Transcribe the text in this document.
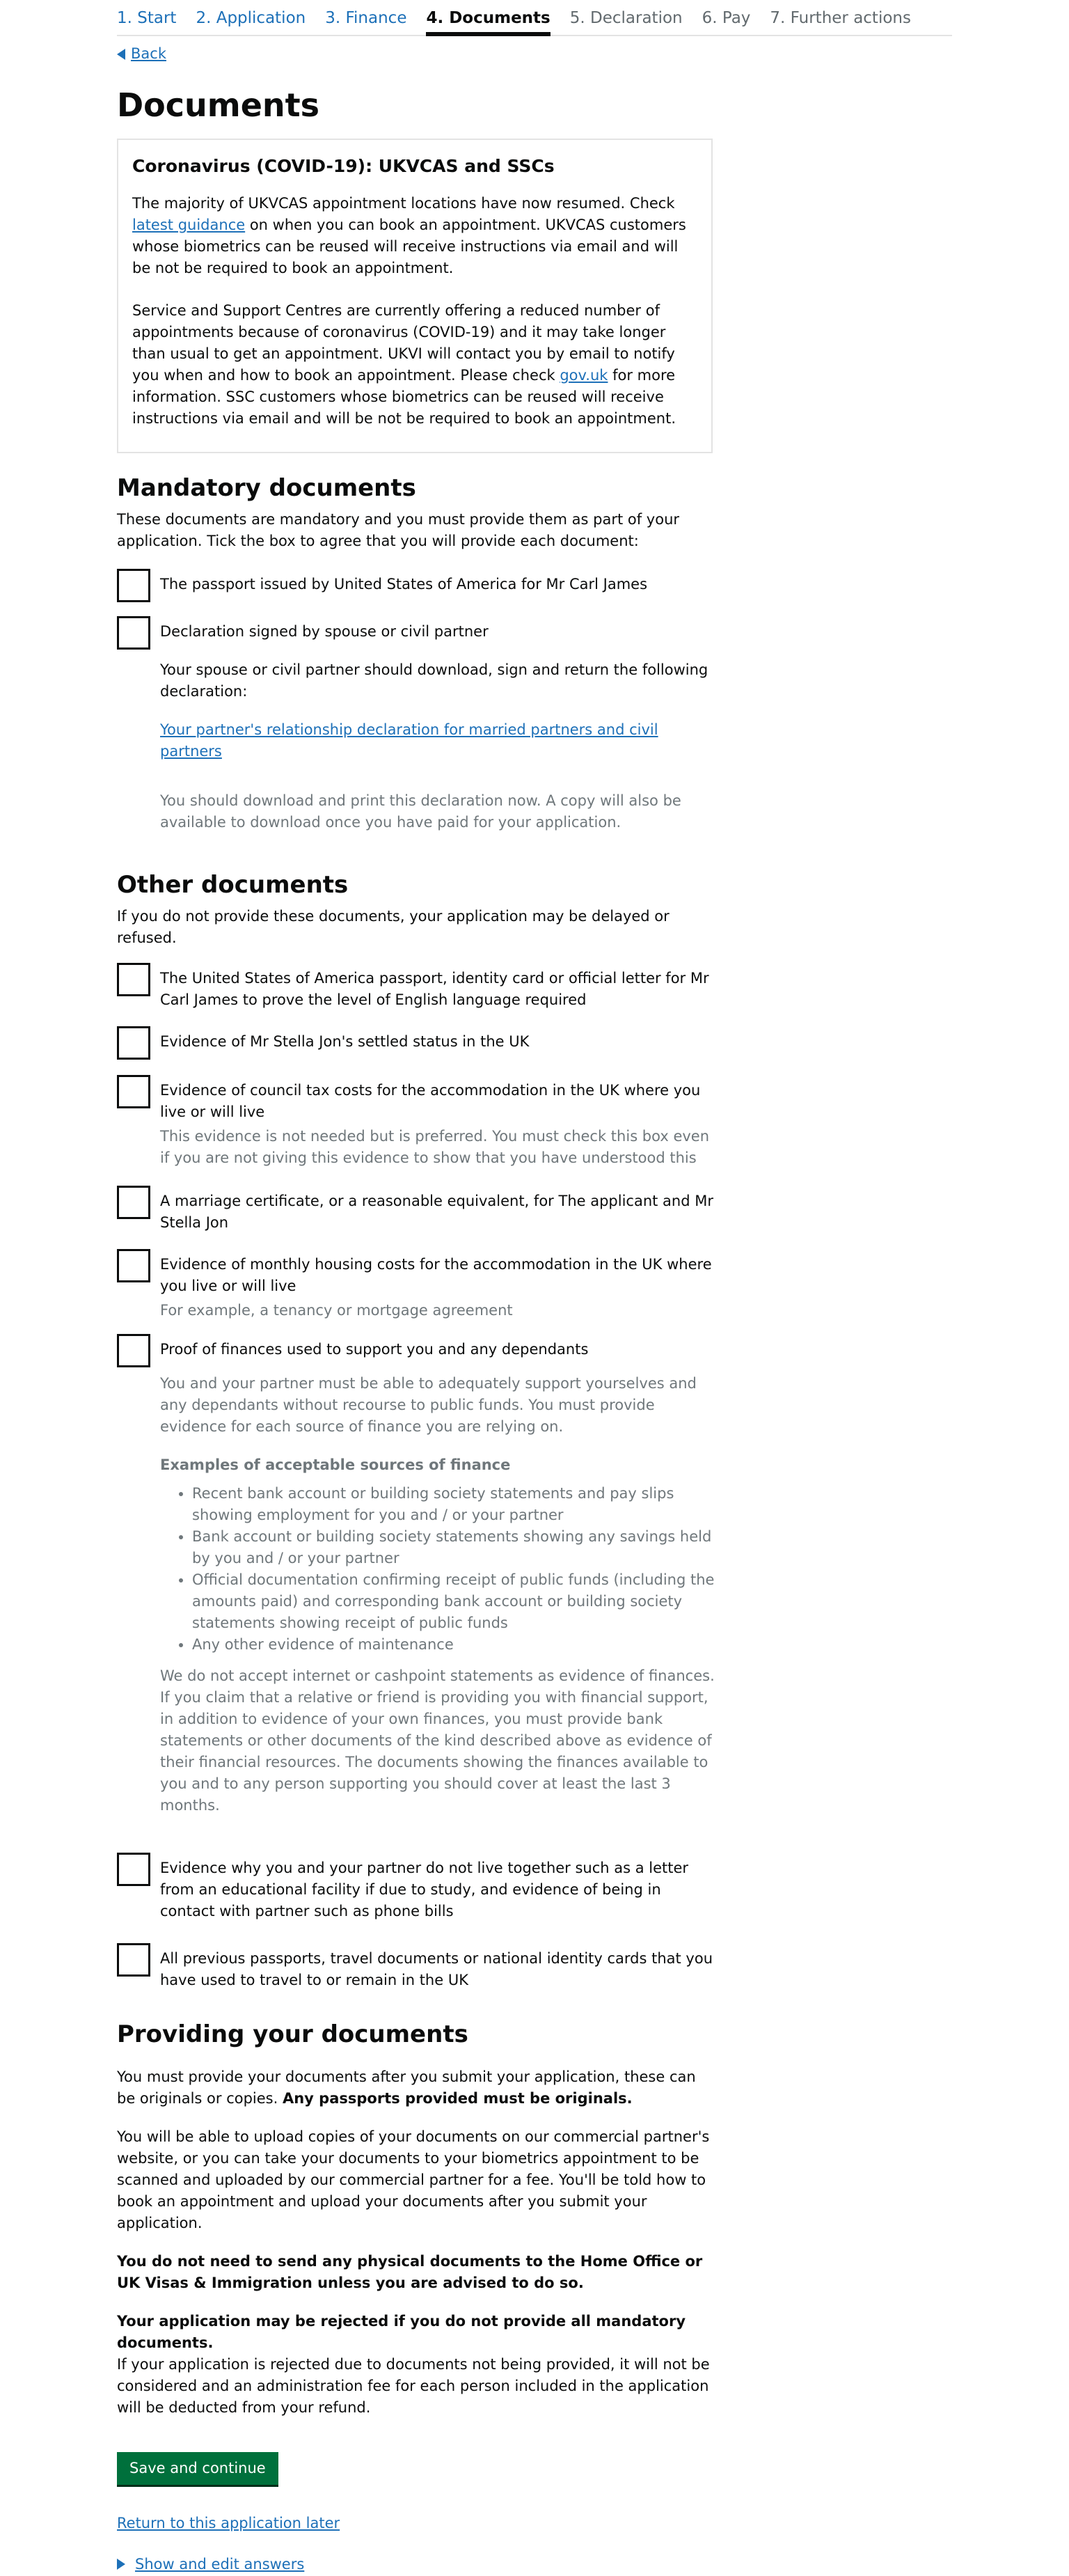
1. Start 2. Application 3. Finance 4. Documents 5. Declaration 6. Pay 7. Further actions
Back
Documents
Coronavirus (COVID-19): UKVCAS and SSCs

The majority of UKVCAS appointment locations have now resumed. Check latest guidance on when you can book an appointment. UKVCAS customers whose biometrics can be reused will receive instructions via email and will be not be required to book an appointment.

Service and Support Centres are currently offering a reduced number of appointments because of coronavirus (COVID-19) and it may take longer than usual to get an appointment. UKVI will contact you by email to notify you when and how to book an appointment. Please check gov.uk for more information. SSC customers whose biometrics can be reused will receive instructions via email and will be not be required to book an appointment.

Mandatory documents

These documents are mandatory and you must provide them as part of your application. Tick the box to agree that you will provide each document:

The passport issued by United States of America for Mr Carl James
Declaration signed by spouse or civil partner

Your spouse or civil partner should download, sign and return the following declaration:

Your partner's relationship declaration for married partners and civil partners

You should download and print this declaration now. A copy will also be available to download once you have paid for your application.

Other documents

If you do not provide these documents, your application may be delayed or refused.

The United States of America passport, identity card or official letter for Mr Carl James to prove the level of English language required
Evidence of Mr Stella Jon's settled status in the UK
Evidence of council tax costs for the accommodation in the UK where you live or will live

This evidence is not needed but is preferred. You must check this box even if you are not giving this evidence to show that you have understood this

A marriage certificate, or a reasonable equivalent, for The applicant and Mr Stella Jon
Evidence of monthly housing costs for the accommodation in the UK where you live or will live

For example, a tenancy or mortgage agreement

Proof of finances used to support you and any dependants

You and your partner must be able to adequately support yourselves and any dependants without recourse to public funds. You must provide evidence for each source of finance you are relying on.

Examples of acceptable sources of finance

• Recent bank account or building society statements and pay slips showing employment for you and / or your partner
• Bank account or building society statements showing any savings held by you and / or your partner
• Official documentation confirming receipt of public funds (including the amounts paid) and corresponding bank account or building society statements showing receipt of public funds
• Any other evidence of maintenance

We do not accept internet or cashpoint statements as evidence of finances. If you claim that a relative or friend is providing you with financial support, in addition to evidence of your own finances, you must provide bank statements or other documents of the kind described above as evidence of their financial resources. The documents showing the finances available to you and to any person supporting you should cover at least the last 3 months.

Evidence why you and your partner do not live together such as a letter from an educational facility if due to study, and evidence of being in contact with partner such as phone bills
All previous passports, travel documents or national identity cards that you have used to travel to or remain in the UK
Providing your documents

You must provide your documents after you submit your application, these can be originals or copies. Any passports provided must be originals.

You will be able to upload copies of your documents on our commercial partner's website, or you can take your documents to your biometrics appointment to be scanned and uploaded by our commercial partner for a fee. You'll be told how to book an appointment and upload your documents after you submit your application.

You do not need to send any physical documents to the Home Office or UK Visas & Immigration unless you are advised to do so.

Your application may be rejected if you do not provide all mandatory documents.
If your application is rejected due to documents not being provided, it will not be considered and an administration fee for each person included in the application will be deducted from your refund.

Save and continue

Return to this application later

Show and edit answers
